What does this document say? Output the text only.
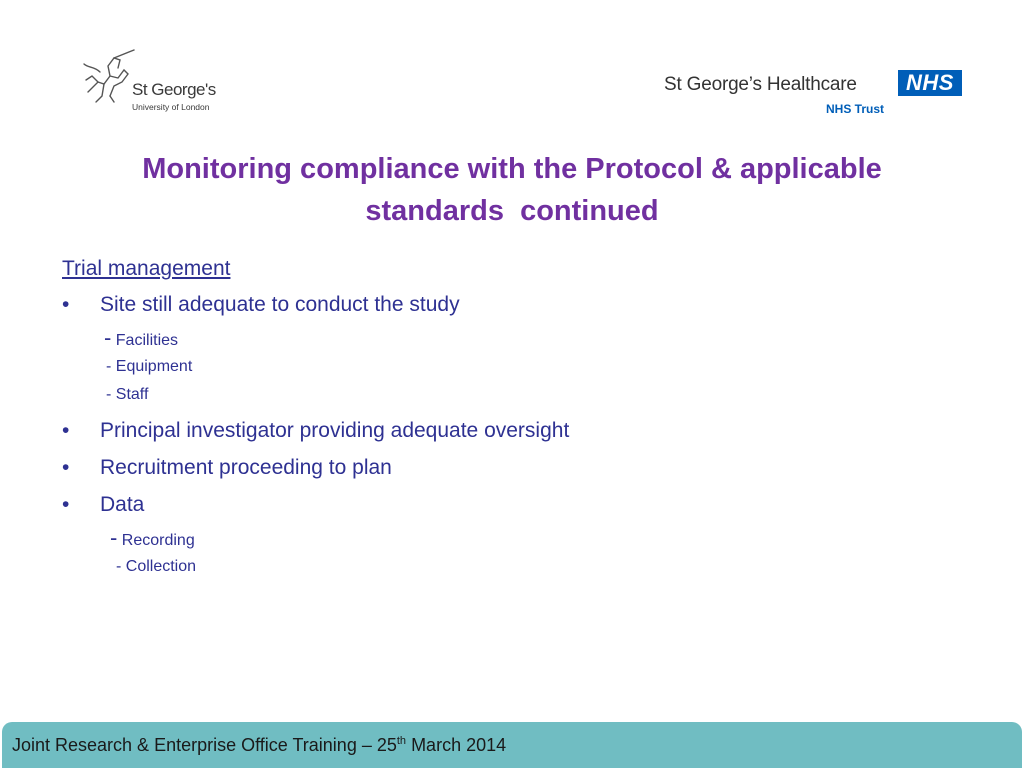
St George's
University of London
St George’s Healthcare	NHS
NHS Trust
Monitoring compliance with the Protocol & applicable
standards  continued
Trial management
• Site still adequate to conduct the study
- Facilities
- Equipment
- Staff
• Principal investigator providing adequate oversight
• Recruitment proceeding to plan
• Data
- Recording
- Collection
Joint Research & Enterprise Office Training – 25th March 2014
